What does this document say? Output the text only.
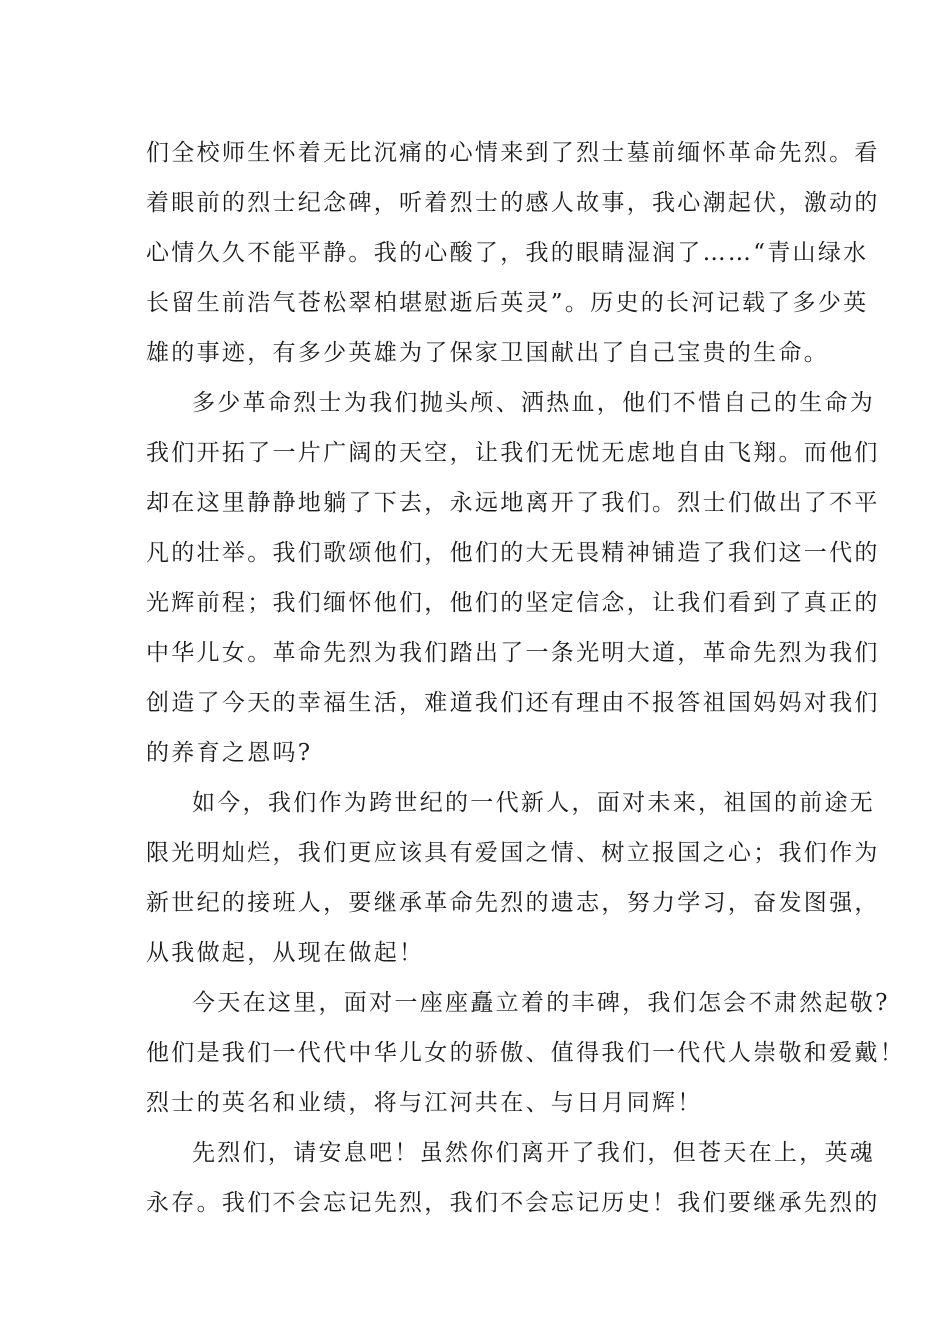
们全校师生怀着无比沉痛的心情来到了烈士墓前缅怀革命先烈。看
着眼前的烈士纪念碑，听着烈士的感人故事，我心潮起伏，激动的
心情久久不能平静。我的心酸了，我的眼睛湿润了……“青山绿水
长留生前浩气苍松翠柏堪慰逝后英灵”。历史的长河记载了多少英
雄的事迹，有多少英雄为了保家卫国献出了自己宝贵的生命。
多少革命烈士为我们抛头颅、洒热血，他们不惜自己的生命为
我们开拓了一片广阔的天空，让我们无忧无虑地自由飞翔。而他们
却在这里静静地躺了下去，永远地离开了我们。烈士们做出了不平
凡的壮举。我们歌颂他们，他们的大无畏精神铺造了我们这一代的
光辉前程；我们缅怀他们，他们的坚定信念，让我们看到了真正的
中华儿女。革命先烈为我们踏出了一条光明大道，革命先烈为我们
创造了今天的幸福生活，难道我们还有理由不报答祖国妈妈对我们
的养育之恩吗?
如今，我们作为跨世纪的一代新人，面对未来，祖国的前途无
限光明灿烂，我们更应该具有爱国之情、树立报国之心；我们作为
新世纪的接班人，要继承革命先烈的遗志，努力学习，奋发图强，
从我做起，从现在做起！
今天在这里，面对一座座矗立着的丰碑，我们怎会不肃然起敬?
他们是我们一代代中华儿女的骄傲、值得我们一代代人崇敬和爱戴！
烈士的英名和业绩，将与江河共在、与日月同辉！
先烈们，请安息吧！虽然你们离开了我们，但苍天在上，英魂
永存。我们不会忘记先烈，我们不会忘记历史！我们要继承先烈的
